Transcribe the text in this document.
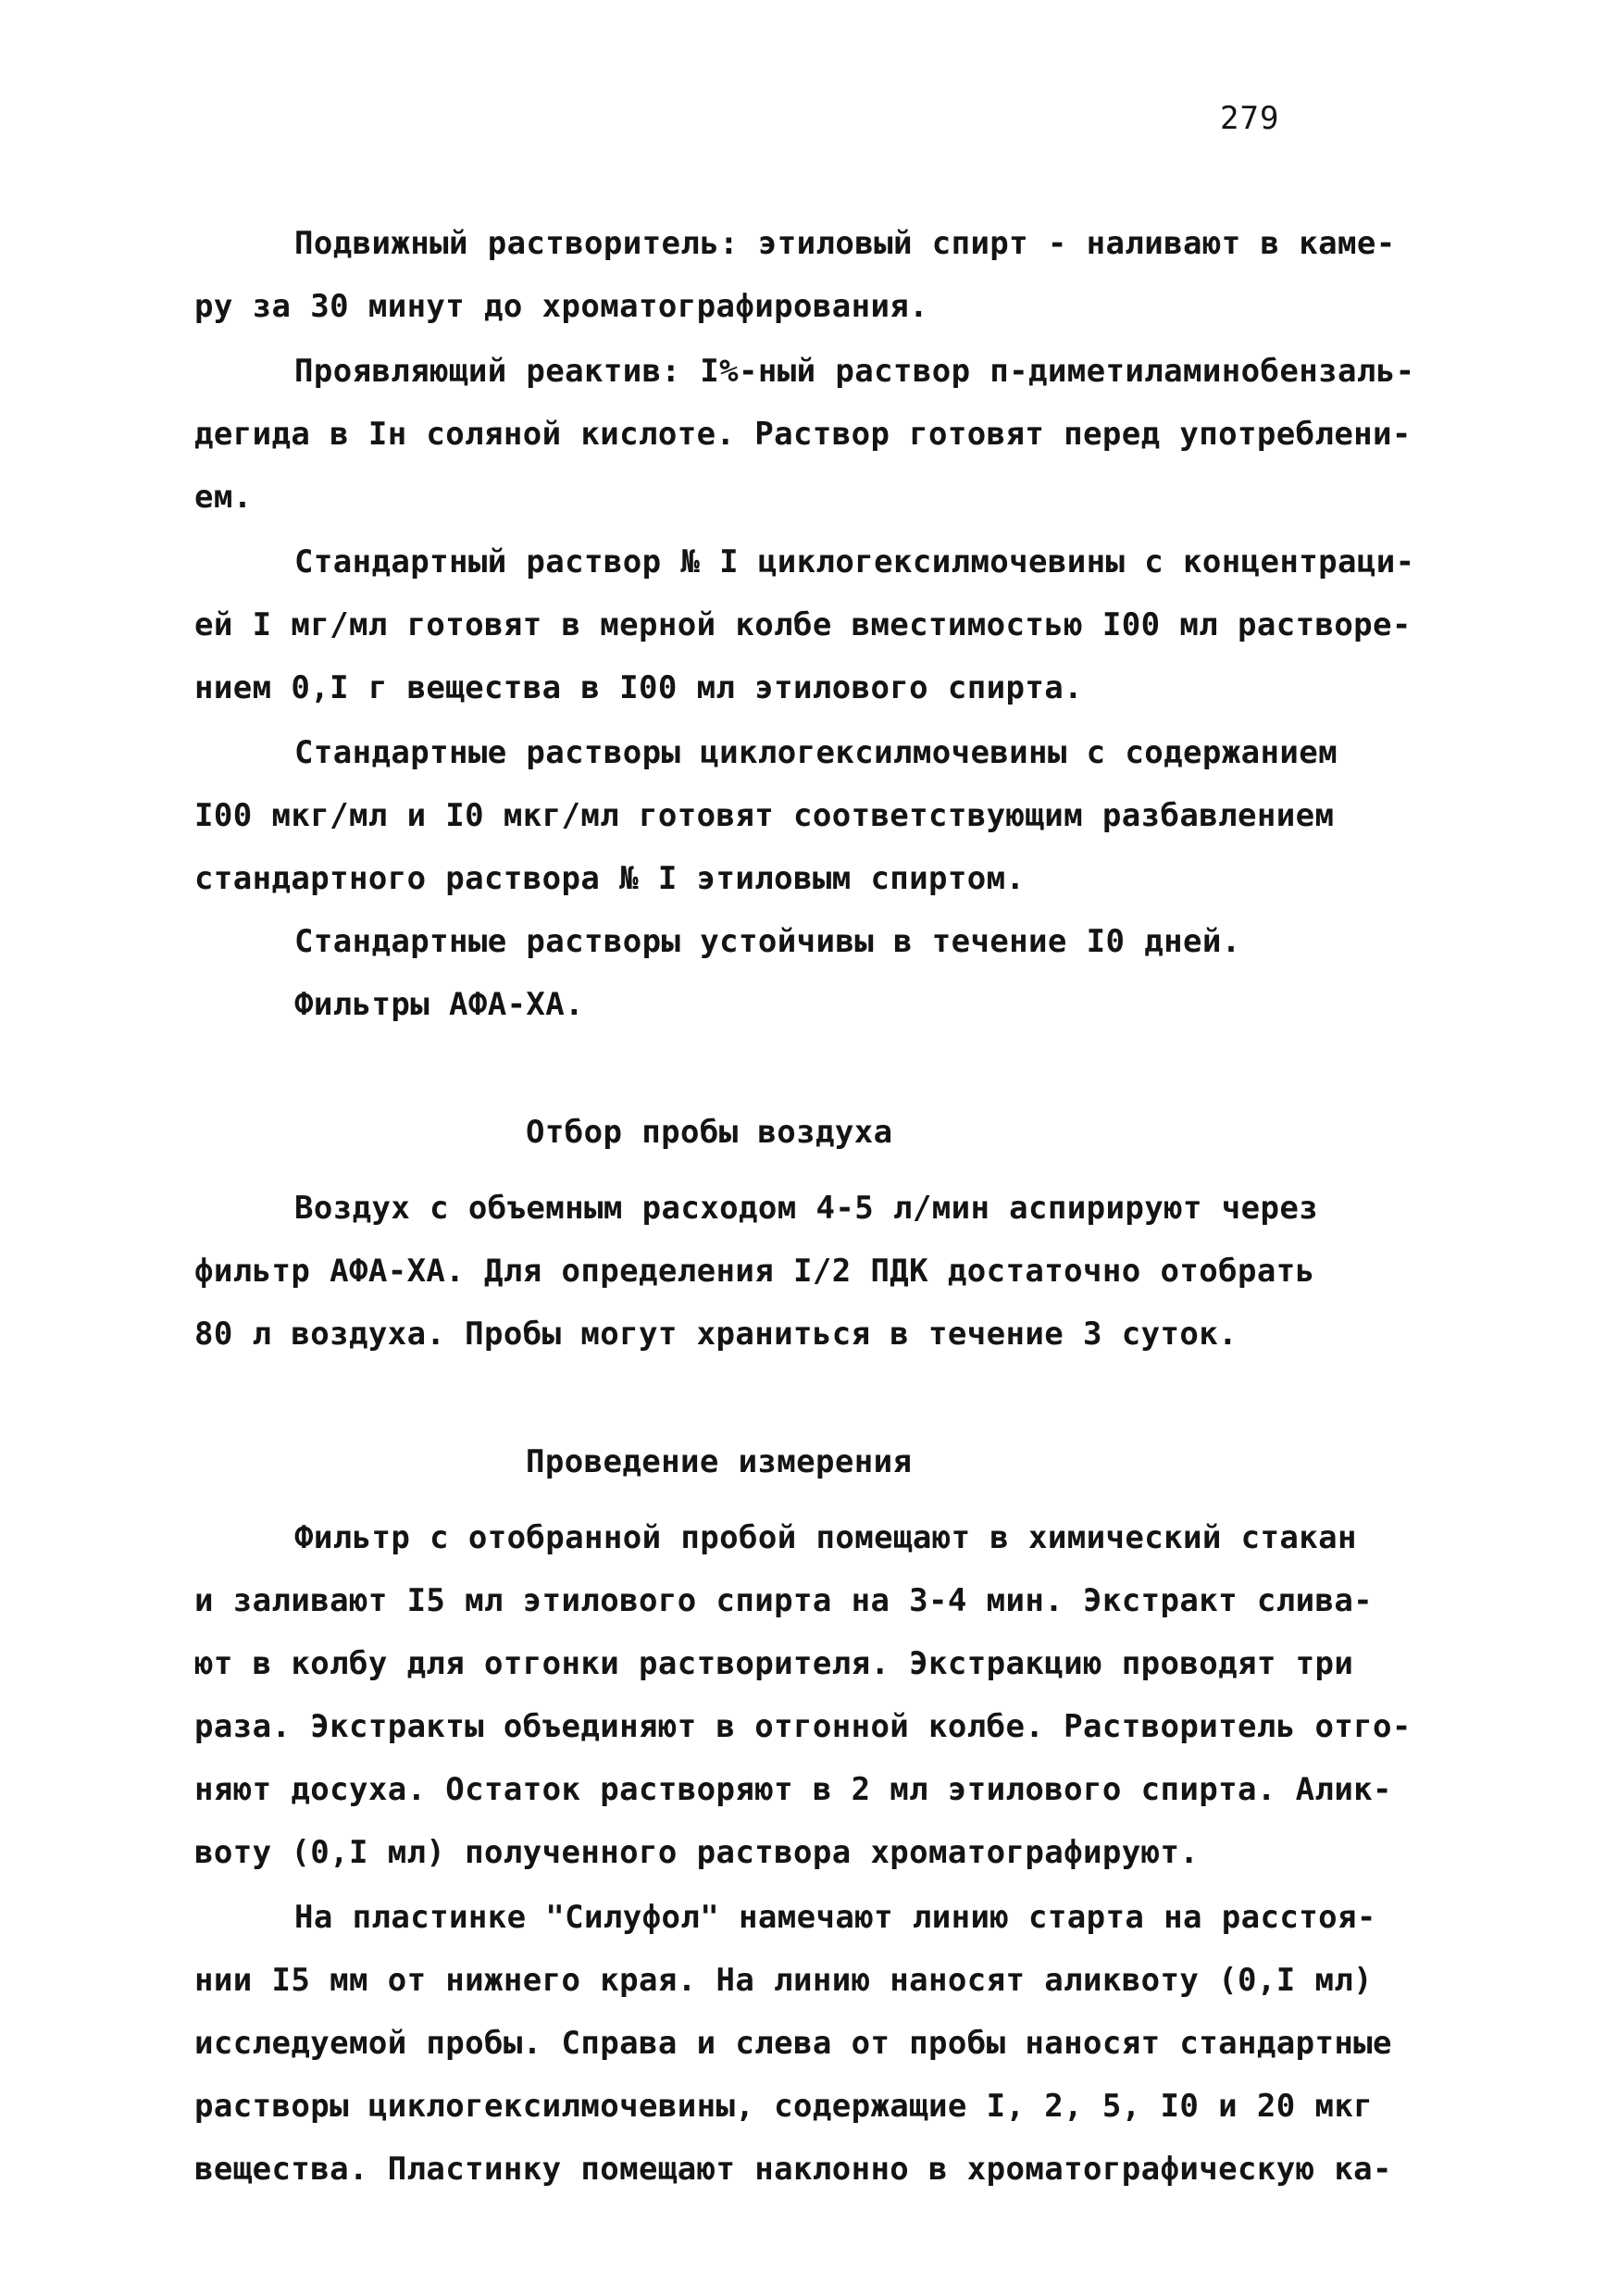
279
Подвижный растворитель: этиловый спирт - наливают в каме-
ру за 30 минут до хроматографирования.
Проявляющий реактив: I%-ный раствор п-диметиламинобензаль-
дегида в Iн соляной кислоте. Раствор готовят перед употреблени-
ем.
Стандартный раствор № I циклогексилмочевины с концентраци-
ей I мг/мл готовят в мерной колбе вместимостью I00 мл растворе-
нием 0,I г вещества в I00 мл этилового спирта.
Стандартные растворы циклогексилмочевины с содержанием
I00 мкг/мл и I0 мкг/мл готовят соответствующим разбавлением
стандартного раствора № I этиловым спиртом.
Стандартные растворы устойчивы в течение I0 дней.
Фильтры АФА-ХА.
Отбор пробы воздуха
Воздух с объемным расходом 4-5 л/мин аспирируют через
фильтр АФА-ХА. Для определения I/2 ПДК достаточно отобрать
80 л воздуха. Пробы могут храниться в течение 3 суток.
Проведение измерения
Фильтр с отобранной пробой помещают в химический стакан
и заливают I5 мл этилового спирта на 3-4 мин. Экстракт слива-
ют в колбу для отгонки растворителя. Экстракцию проводят три
раза. Экстракты объединяют в отгонной колбе. Растворитель отго-
няют досуха. Остаток растворяют в 2 мл этилового спирта. Алик-
воту (0,I мл) полученного раствора хроматографируют.
На пластинке "Силуфол" намечают линию старта на расстоя-
нии I5 мм от нижнего края. На линию наносят аликвоту (0,I мл)
исследуемой пробы. Справа и слева от пробы наносят стандартные
растворы циклогексилмочевины, содержащие I, 2, 5, I0 и 20 мкг
вещества. Пластинку помещают наклонно в хроматографическую ка-
